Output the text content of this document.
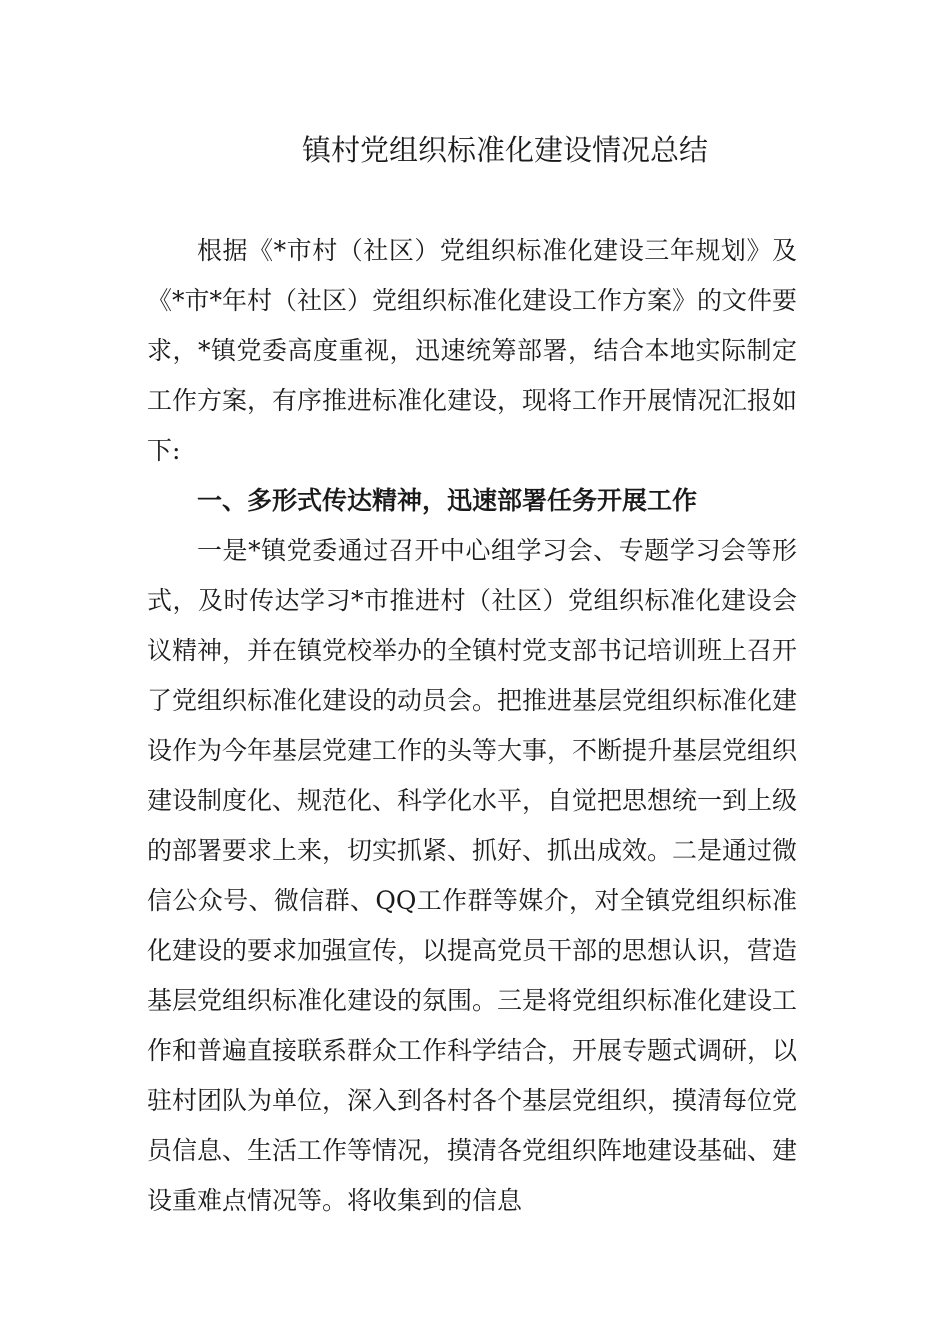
镇村党组织标准化建设情况总结

根据《*市村（社区）党组织标准化建设三年规划》及《*市*年村（社区）党组织标准化建设工作方案》的文件要求，*镇党委高度重视，迅速统筹部署，结合本地实际制定工作方案，有序推进标准化建设，现将工作开展情况汇报如下:

一、多形式传达精神，迅速部署任务开展工作

一是*镇党委通过召开中心组学习会、专题学习会等形式，及时传达学习*市推进村（社区）党组织标准化建设会议精神，并在镇党校举办的全镇村党支部书记培训班上召开了党组织标准化建设的动员会。把推进基层党组织标准化建设作为今年基层党建工作的头等大事，不断提升基层党组织建设制度化、规范化、科学化水平，自觉把思想统一到上级的部署要求上来，切实抓紧、抓好、抓出成效。二是通过微信公众号、微信群、QQ工作群等媒介，对全镇党组织标准化建设的要求加强宣传，以提高党员干部的思想认识，营造基层党组织标准化建设的氛围。三是将党组织标准化建设工作和普遍直接联系群众工作科学结合，开展专题式调研，以驻村团队为单位，深入到各村各个基层党组织，摸清每位党员信息、生活工作等情况，摸清各党组织阵地建设基础、建设重难点情况等。将收集到的信息
